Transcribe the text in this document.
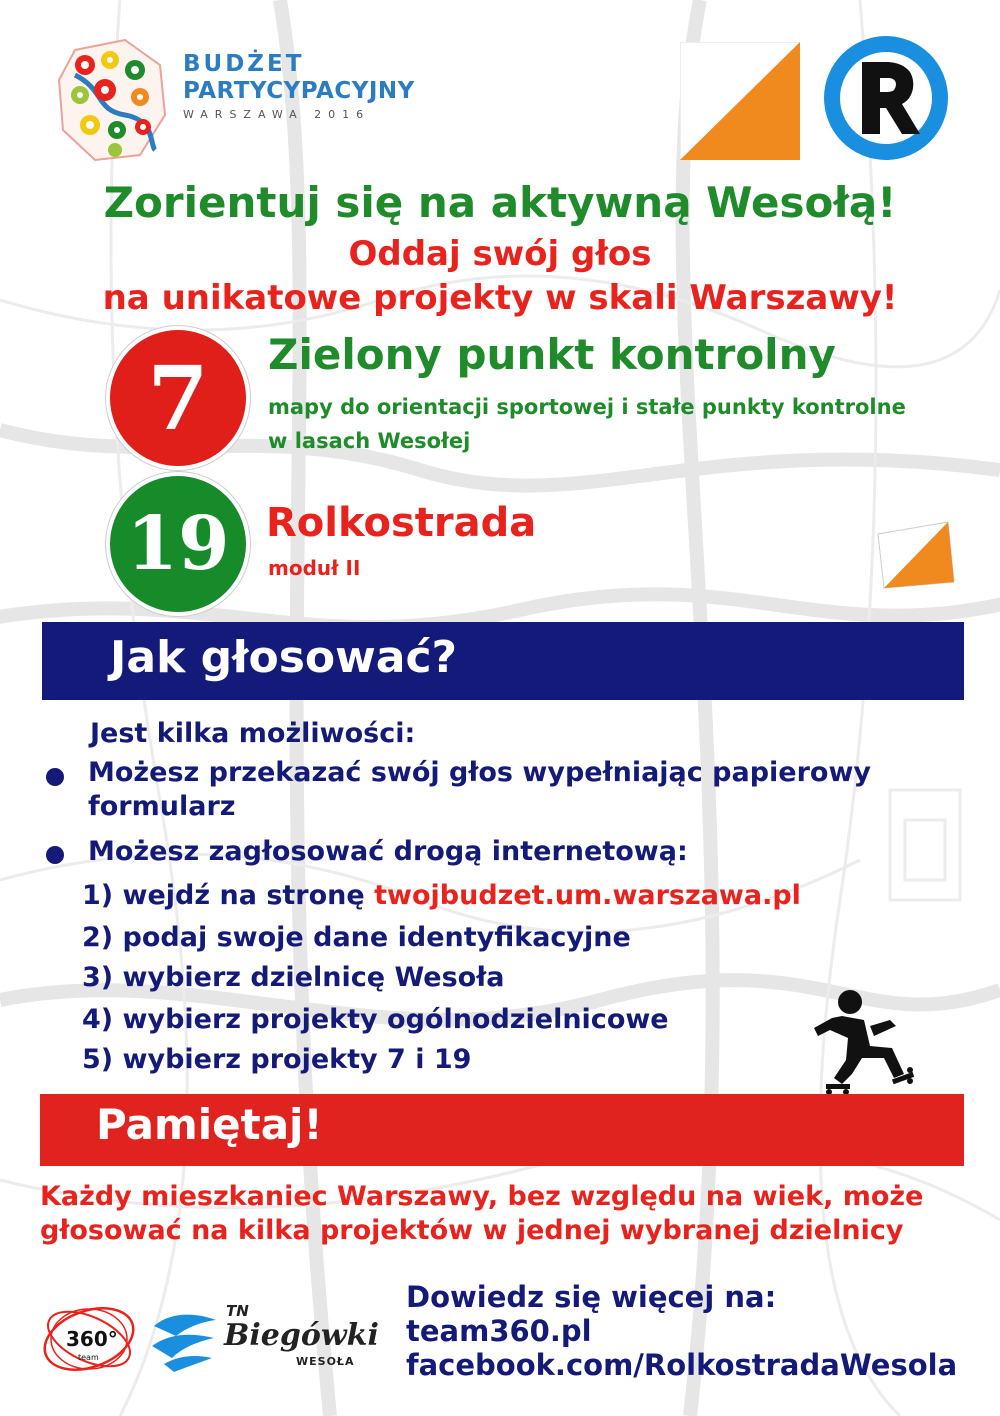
BUDŻET
PARTYCYPACYJNY
WARSZAWA 2016
Zorientuj się na aktywną Wesołą!
Oddaj swój głos
na unikatowe projekty w skali Warszawy!
7	Zielony punkt kontrolny
mapy do orientacji sportowej i stałe punkty kontrolne w lasach Wesołej
19 Rolkostrada
moduł II
Jak głosować?
Jest kilka możliwości:
Możesz przekazać swój głos wypełniając papierowy formularz
Możesz zagłosować drogą internetową:
1) wejdź na stronę twojbudzet.um.warszawa.pl
2) podaj swoje dane identyfikacyjne
3) wybierz dzielnicę Wesoła
4) wybierz projekty ogólnodzielnicowe
5) wybierz projekty 7 i 19
Pamiętaj!
Każdy mieszkaniec Warszawy, bez względu na wiek, może głosować na kilka projektów w jednej wybranej dzielnicy
Dowiedz się więcej na:
team360.pl
facebook.com/RolkostradaWesola
360°
team
TN
Biegówki
WESOŁA
